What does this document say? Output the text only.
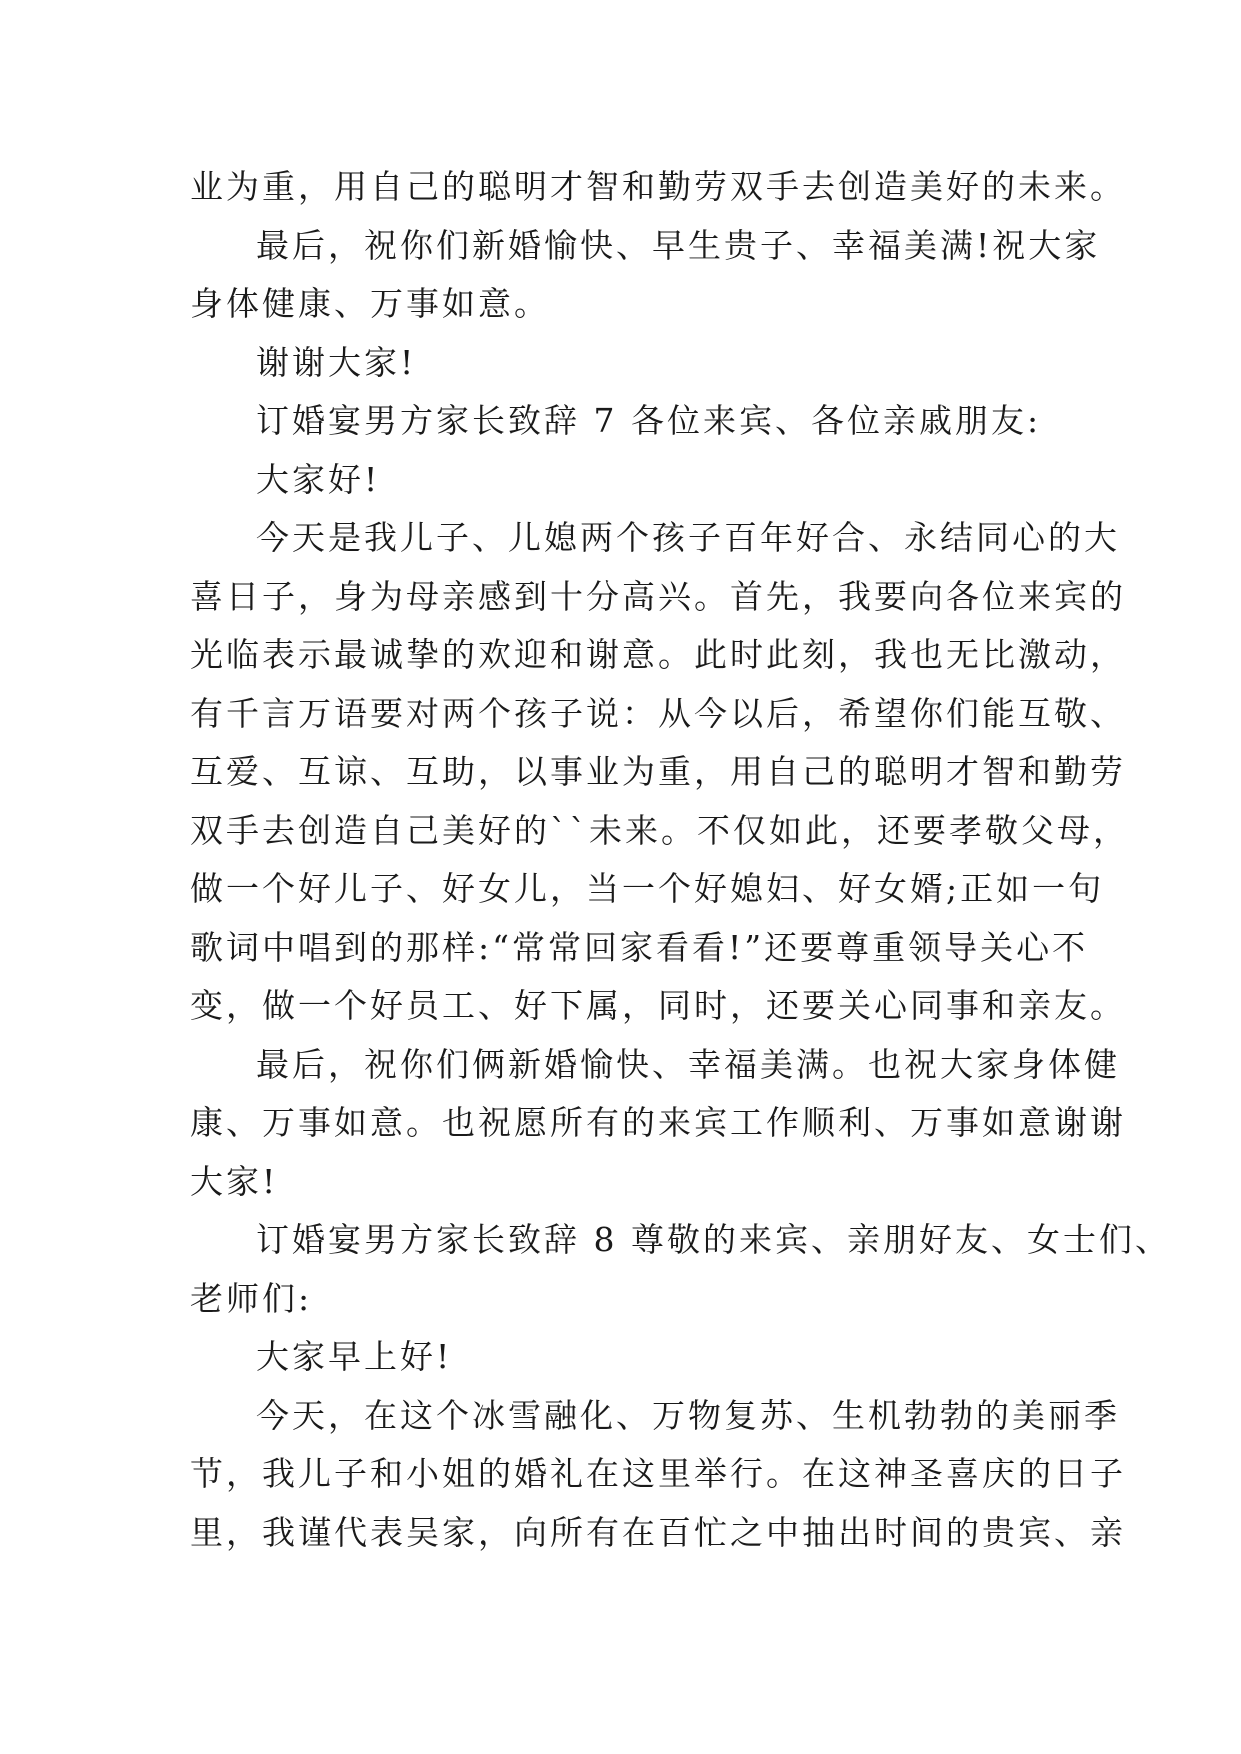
业为重，用自己的聪明才智和勤劳双手去创造美好的未来。
最后，祝你们新婚愉快、早生贵子、幸福美满!祝大家
身体健康、万事如意。
谢谢大家!
订婚宴男方家长致辞 7 各位来宾、各位亲戚朋友:
大家好!
今天是我儿子、儿媳两个孩子百年好合、永结同心的大
喜日子，身为母亲感到十分高兴。首先，我要向各位来宾的
光临表示最诚挚的欢迎和谢意。此时此刻，我也无比激动，
有千言万语要对两个孩子说：从今以后，希望你们能互敬、
互爱、互谅、互助，以事业为重，用自己的聪明才智和勤劳
双手去创造自己美好的``未来。不仅如此，还要孝敬父母，
做一个好儿子、好女儿，当一个好媳妇、好女婿;正如一句
歌词中唱到的那样:“常常回家看看!”还要尊重领导关心不
变，做一个好员工、好下属，同时，还要关心同事和亲友。
最后，祝你们俩新婚愉快、幸福美满。也祝大家身体健
康、万事如意。也祝愿所有的来宾工作顺利、万事如意谢谢
大家!
订婚宴男方家长致辞 8 尊敬的来宾、亲朋好友、女士们、
老师们:
大家早上好!
今天，在这个冰雪融化、万物复苏、生机勃勃的美丽季
节，我儿子和小姐的婚礼在这里举行。在这神圣喜庆的日子
里，我谨代表吴家，向所有在百忙之中抽出时间的贵宾、亲
